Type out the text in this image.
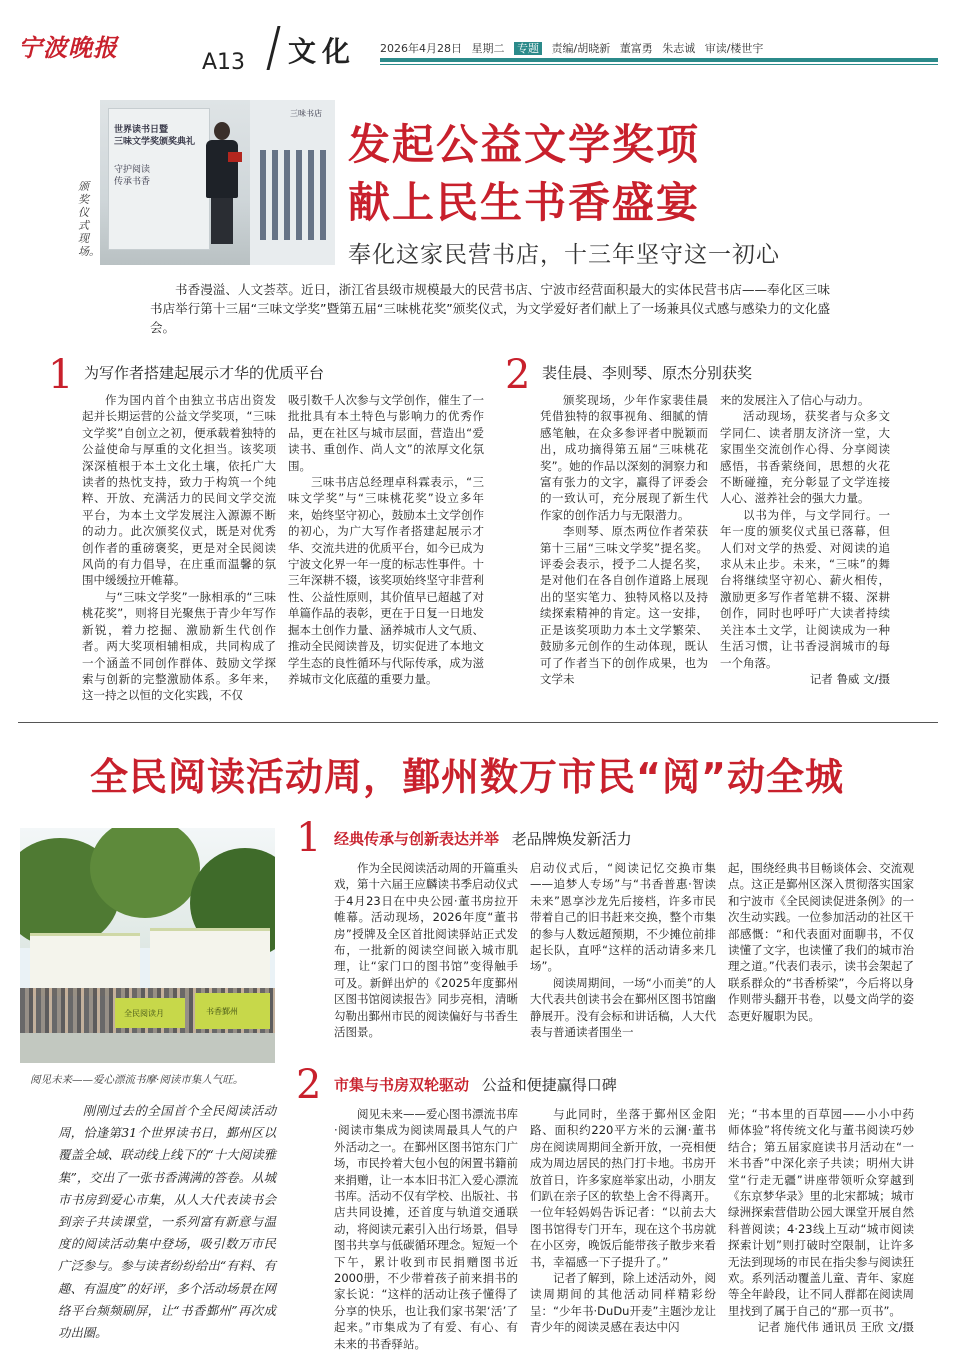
宁波晚报
A13 文化 2026年4月28日 星期二 专题 责编/胡晓新 董富勇 朱志诚 审读/楼世宇
世界读书日暨
三味文学奖颁奖典礼
守护阅读
传承书香
三味书店
颁奖仪式现场。
发起公益文学奖项
献上民生书香盛宴
奉化这家民营书店，十三年坚守这一初心
书香漫溢、人文荟萃。近日，浙江省县级市规模最大的民营书店、宁波市经营面积最大的实体民营书店——奉化区三味书店举行第十三届“三味文学奖”暨第五届“三味桃花奖”颁奖仪式，为文学爱好者们献上了一场兼具仪式感与感染力的文化盛会。
1 为写作者搭建起展示才华的优质平台

作为国内首个由独立书店出资发起并长期运营的公益文学奖项，“三味文学奖”自创立之初，便承载着独特的公益使命与厚重的文化担当。该奖项深深植根于本土文化土壤，依托广大读者的热忱支持，致力于构筑一个纯粹、开放、充满活力的民间文学交流平台，为本土文学发展注入源源不断的动力。此次颁奖仪式，既是对优秀创作者的重磅褒奖，更是对全民阅读风尚的有力倡导，在庄重而温馨的氛围中缓缓拉开帷幕。

与“三味文学奖”一脉相承的“三味桃花奖”，则将目光聚焦于青少年写作新锐，着力挖掘、激励新生代创作者。两大奖项相辅相成，共同构成了一个涵盖不同创作群体、鼓励文学探索与创新的完整激励体系。多年来，这一持之以恒的文化实践，不仅

吸引数千人次参与文学创作，催生了一批批具有本土特色与影响力的优秀作品，更在社区与城市层面，营造出“爱读书、重创作、尚人文”的浓厚文化氛围。

三味书店总经理卓科霖表示，“三味文学奖”与“三味桃花奖”设立多年来，始终坚守初心，鼓励本土文学创作的初心，为广大写作者搭建起展示才华、交流共进的优质平台，如今已成为宁波文化界一年一度的标志性事件。十三年深耕不辍，该奖项始终坚守非营利性、公益性原则，其价值早已超越了对单篇作品的表彰，更在于日复一日地发掘本土创作力量、涵养城市人文气质、推动全民阅读普及，切实促进了本地文学生态的良性循环与代际传承，成为滋养城市文化底蕴的重要力量。

2 裴佳晨、李则琴、原杰分别获奖

颁奖现场，少年作家裴佳晨凭借独特的叙事视角、细腻的情感笔触，在众多参评者中脱颖而出，成功摘得第五届“三味桃花奖”。她的作品以深刻的洞察力和富有张力的文字，赢得了评委会的一致认可，充分展现了新生代作家的创作活力与无限潜力。

李则琴、原杰两位作者荣获第十三届“三味文学奖”提名奖。评委会表示，授予二人提名奖，是对他们在各自创作道路上展现出的坚实笔力、独特风格以及持续探索精神的肯定。这一安排，正是该奖项助力本土文学繁荣、鼓励多元创作的生动体现，既认可了作者当下的创作成果，也为文学未

来的发展注入了信心与动力。

活动现场，获奖者与众多文学同仁、读者朋友济济一堂，大家围坐交流创作心得、分享阅读感悟，书香萦绕间，思想的火花不断碰撞，充分彰显了文学连接人心、滋养社会的强大力量。

以书为伴，与文学同行。一年一度的颁奖仪式虽已落幕，但人们对文学的热爱、对阅读的追求从未止步。未来，“三味”的舞台将继续坚守初心、薪火相传，激励更多写作者笔耕不辍、深耕创作，同时也呼吁广大读者持续关注本土文学，让阅读成为一种生活习惯，让书香浸润城市的每一个角落。

记者 鲁威 文/摄

全民阅读活动周，鄞州数万市民“阅”动全城
全民阅读月	书香鄞州
阅见未来——爱心漂流书摩·阅读市集人气旺。

刚刚过去的全国首个全民阅读活动周，恰逢第31个世界读书日，鄞州区以覆盖全域、联动线上线下的“十大阅读雅集”，交出了一张书香满满的答卷。从城市书房到爱心市集，从人大代表读书会到亲子共读课堂，一系列富有新意与温度的阅读活动集中登场，吸引数万市民广泛参与。参与读者纷纷给出“有料、有趣、有温度”的好评，多个活动场景在网络平台频频刷屏，让“书香鄞州”再次成功出圈。

1 经典传承与创新表达并举 老品牌焕发新活力

作为全民阅读活动周的开篇重头戏，第十六届王应麟读书季启动仪式于4月23日在中央公园·董书房拉开帷幕。活动现场，2026年度“董书房”授牌及全区首批阅读驿站正式发布，一批新的阅读空间嵌入城市肌理，让“家门口的图书馆”变得触手可及。新鲜出炉的《2025年度鄞州区图书馆阅读报告》同步亮相，清晰勾勒出鄞州市民的阅读偏好与书香生活图景。

启动仪式后，“阅读记忆交换市集——追梦人专场”与“书香普惠·智读未来”恩享沙龙先后接档，许多市民带着自己的旧书赶来交换，整个市集的参与人数远超预期，不少摊位前排起长队，直呼“这样的活动请多来几场”。

阅读周期间，一场“小而美”的人大代表共创读书会在鄞州区图书馆幽静展开。没有会标和讲话稿，人大代表与普通读者围坐一

起，围绕经典书目畅谈体会、交流观点。这正是鄞州区深入贯彻落实国家和宁波市《全民阅读促进条例》的一次生动实践。一位参加活动的社区干部感慨：“和代表面对面聊书，不仅读懂了文字，也读懂了我们的城市治理之道。”代表们表示，读书会架起了联系群众的“书香桥梁”，今后将以身作则带头翻开书卷，以曼文尚学的姿态更好履职为民。

2 市集与书房双轮驱动 公益和便捷赢得口碑

阅见未来——爱心图书漂流书库·阅读市集成为阅读周最具人气的户外活动之一。在鄞州区图书馆东门广场，市民拎着大包小包的闲置书籍前来捐赠，让一本本旧书汇入爱心漂流书库。活动不仅有学校、出版社、书店共同设摊，还首度与轨道交通联动，将阅读元素引入出行场景，倡导图书共享与低碳循环理念。短短一个下午，累计收到市民捐赠图书近2000册，不少带着孩子前来捐书的家长说：“这样的活动让孩子懂得了分享的快乐，也让我们家书架‘活’了起来。”市集成为了有爱、有心、有未来的书香驿站。

与此同时，坐落于鄞州区金阳路、面积约220平方米的云澜·董书房在阅读周期间全新开放，一亮相便成为周边居民的热门打卡地。书房开放首日，许多家庭举家出动，小朋友们趴在亲子区的软垫上舍不得离开。一位年轻妈妈告诉记者：“以前去大图书馆得专门开车，现在这个书房就在小区旁，晚饭后能带孩子散步来看书，幸福感一下子提升了。”

记者了解到，除上述活动外，阅读周期间的其他活动同样精彩纷呈：“少年书·DuDu开麦”主题沙龙让青少年的阅读灵感在表达中闪

光；“书本里的百草园——小小中药师体验”将传统文化与董书阅读巧妙结合；第五届家庭读书月活动在“一米书香”中深化亲子共读；明州大讲堂“行走无疆”讲座带领听众穿越到《东京梦华录》里的北宋都城；城市绿洲探索营借助公园大课堂开展自然科普阅读；4·23线上互动“城市阅读探索计划”则打破时空限制，让许多无法到现场的市民在指尖参与阅读狂欢。系列活动覆盖儿童、青年、家庭等全年龄段，让不同人群都在阅读周里找到了属于自己的“那一页书”。

记者 施代伟 通讯员 王欣 文/摄
